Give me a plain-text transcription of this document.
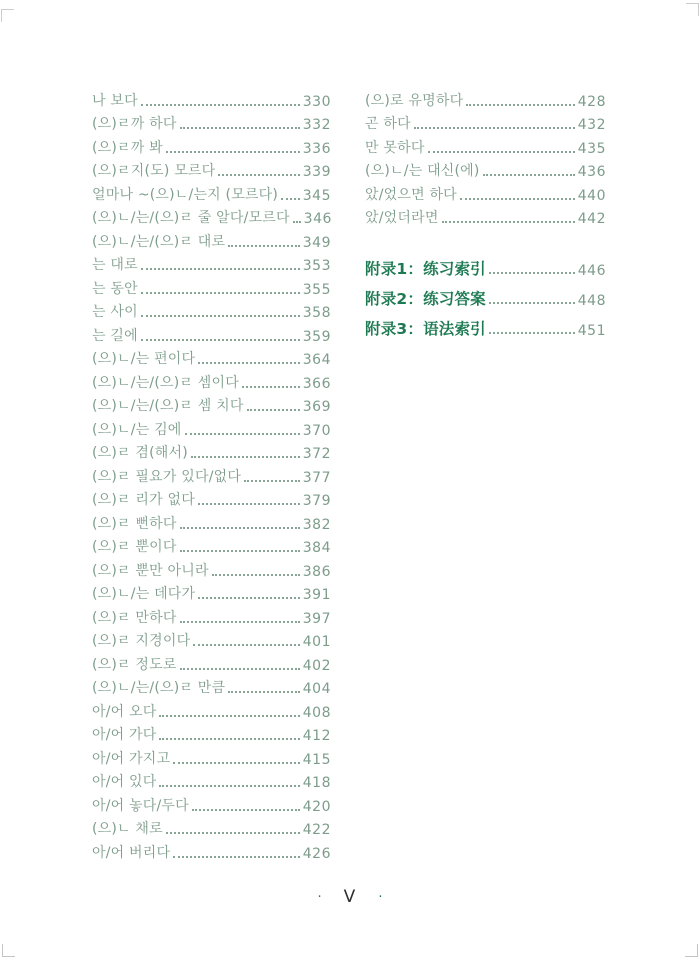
나 보다	330
(으)ㄹ까 하다	332
(으)ㄹ까 봐	336
(으)ㄹ지(도) 모르다	339
얼마나 ~(으)ㄴ/는지 (모르다) 345
(으)ㄴ/는/(으)ㄹ 줄 알다/모르다 346
(으)ㄴ/는/(으)ㄹ 대로	349
는 대로	353
는 동안	355
는 사이	358
는 길에	359
(으)ㄴ/는 편이다	364
(으)ㄴ/는/(으)ㄹ 셈이다	366
(으)ㄴ/는/(으)ㄹ 셈 치다	369
(으)ㄴ/는 김에	370
(으)ㄹ 겸(해서)	372
(으)ㄹ 필요가 있다/없다	377
(으)ㄹ 리가 없다	379
(으)ㄹ 뻔하다	382
(으)ㄹ 뿐이다	384
(으)ㄹ 뿐만 아니라	386
(으)ㄴ/는 데다가	391
(으)ㄹ 만하다	397
(으)ㄹ 지경이다	401
(으)ㄹ 정도로	402
(으)ㄴ/는/(으)ㄹ 만큼	404
아/어 오다	408
아/어 가다	412
아/어 가지고	415
아/어 있다	418
아/어 놓다/두다	420
(으)ㄴ 채로	422
아/어 버리다	426
(으)로 유명하다	428
곤 하다	432
만 못하다	435
(으)ㄴ/는 대신(에)	436
았/었으면 하다	440
았/었더라면	442
附录1：练习索引	446
附录2：练习答案	448
附录3：语法索引	451
· V ·
